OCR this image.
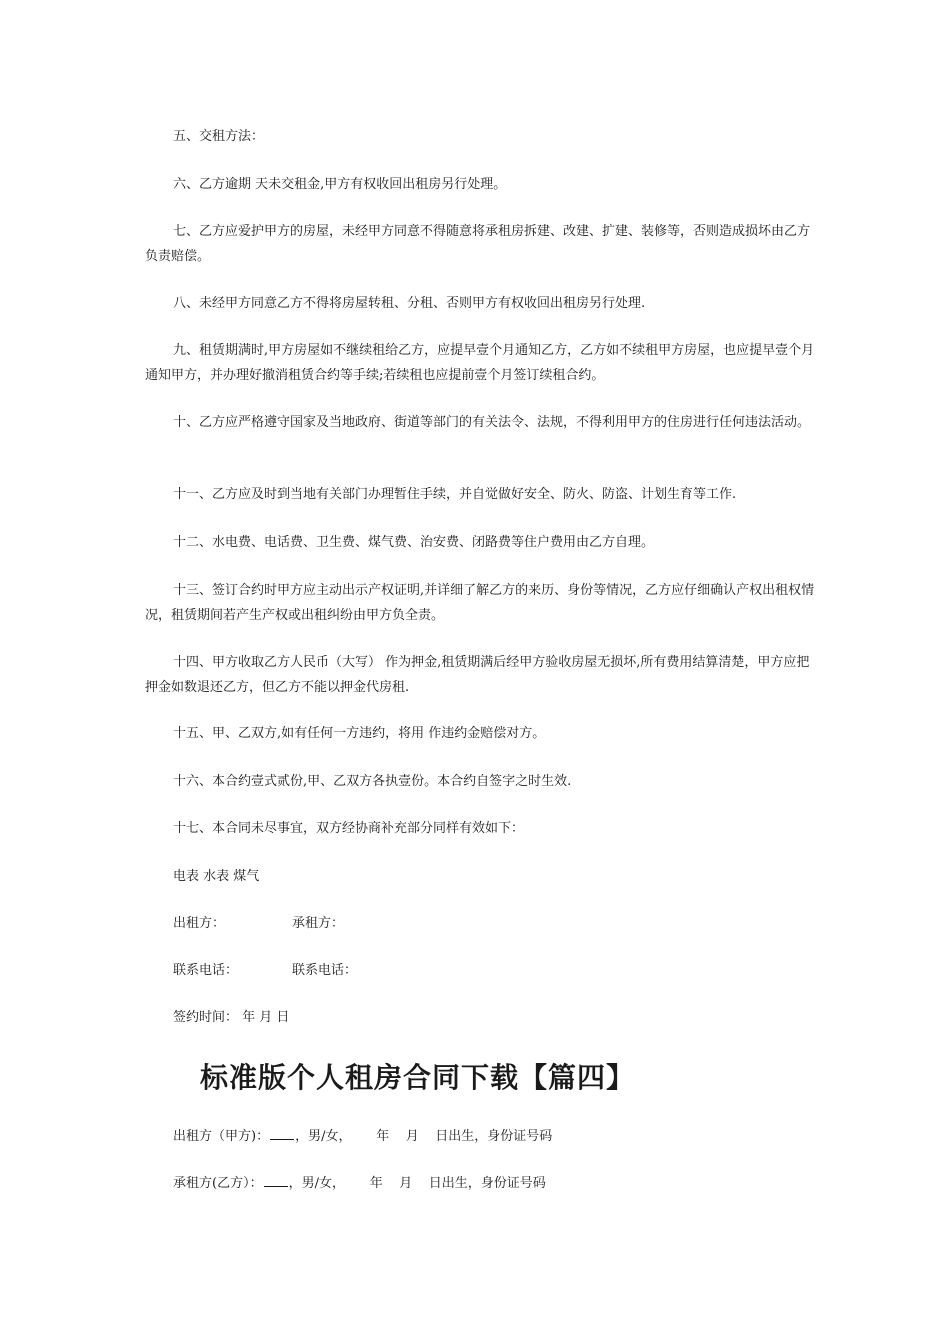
五、交租方法：

六、乙方逾期 天未交租金,甲方有权收回出租房另行处理。

七、乙方应爱护甲方的房屋，未经甲方同意不得随意将承租房拆建、改建、扩建、装修等，否则造成损坏由乙方负责赔偿。

八、未经甲方同意乙方不得将房屋转租、分租、否则甲方有权收回出租房另行处理.

九、租赁期满时,甲方房屋如不继续租给乙方，应提早壹个月通知乙方，乙方如不续租甲方房屋，也应提早壹个月通知甲方，并办理好撤消租赁合约等手续;若续租也应提前壹个月签订续租合约。

十、乙方应严格遵守国家及当地政府、街道等部门的有关法令、法规，不得利用甲方的住房进行任何违法活动。

十一、乙方应及时到当地有关部门办理暂住手续，并自觉做好安全、防火、防盗、计划生育等工作.

十二、水电费、电话费、卫生费、煤气费、治安费、闭路费等住户费用由乙方自理。

十三、签订合约时甲方应主动出示产权证明,并详细了解乙方的来历、身份等情况，乙方应仔细确认产权出租权情况，租赁期间若产生产权或出租纠纷由甲方负全责。

十四、甲方收取乙方人民币（大写） 作为押金,租赁期满后经甲方验收房屋无损坏,所有费用结算清楚，甲方应把押金如数退还乙方，但乙方不能以押金代房租.

十五、甲、乙双方,如有任何一方违约，将用 作违约金赔偿对方。

十六、本合约壹式贰份,甲、乙双方各执壹份。本合约自签字之时生效.

十七、本合同未尽事宜，双方经协商补充部分同样有效如下：

电表 水表 煤气

出租方：	承租方：

联系电话：	联系电话：

签约时间： 年 月 日

标准版个人租房合同下载【篇四】

出租方（甲方)： ，男/女，      年    月    日出生，身份证号码

承租方(乙方）： ，男/女，      年    月    日出生，身份证号码
